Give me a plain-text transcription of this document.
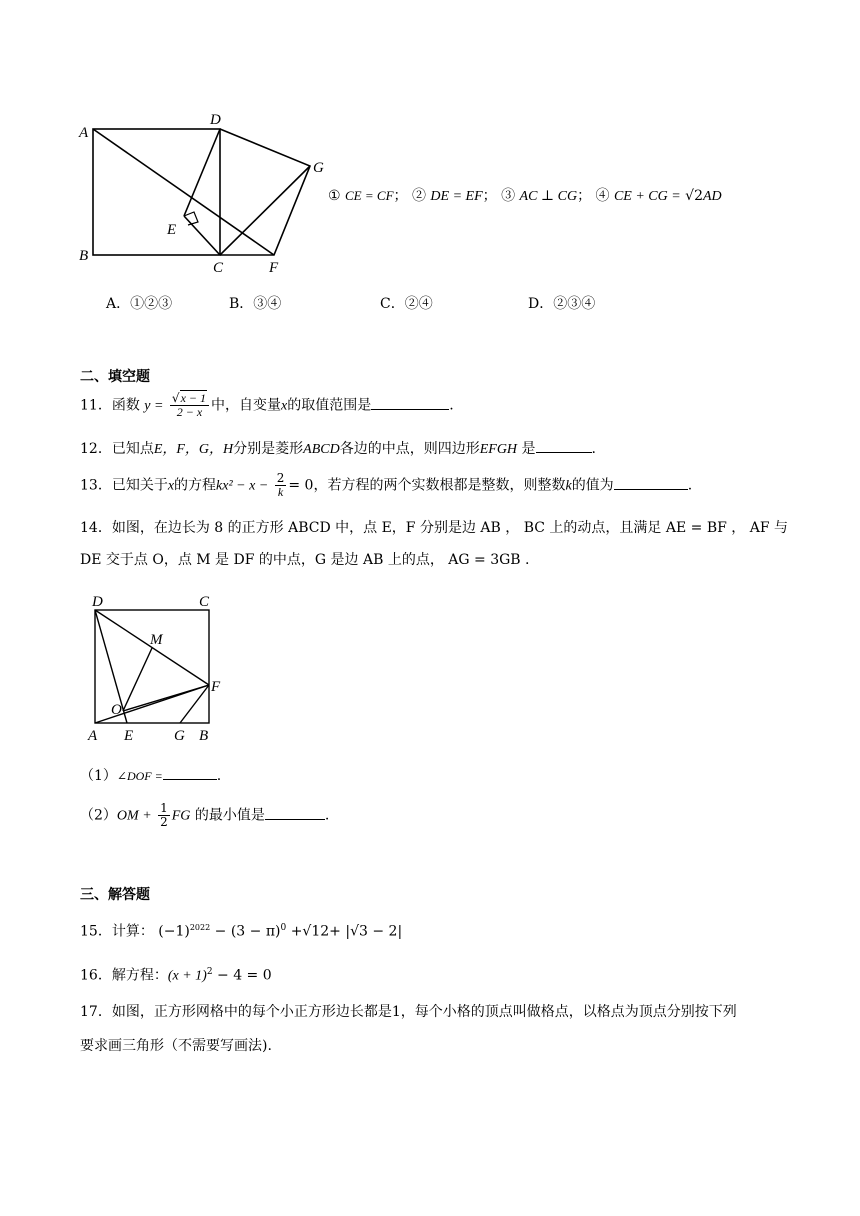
A
D
G
E
B
C	F
① CE = CF； ② DE = EF； ③ AC ⊥ CG； ④ CE + CG = √2AD
A．①②③	B．③④	C．②④	D．②③④
二、填空题
11．函数 $y = \frac{√x - 1}{2 - x}$ 中，自变量x的取值范围是	.
12．已知点E，F，G，H分别是菱形ABCD各边的中点，则四边形EFGH 是	.
13．已知关于x的方程$kx^2 - x - \frac{2}{k} = 0$，若方程的两个实数根都是整数，则整数k的值为	.
14．如图，在边长为 8 的正方形 ABCD 中，点 E，F 分别是边 AB ， BC 上的动点，且满足 AE = BF ， AF 与
DE 交于点 O，点 M 是 DF 的中点，G 是边 AB 上的点， AG = 3GB .
D	C
M
F
O
A E	G B
（1）∠DOF =	.
$(2)OM + \frac{1}{2}$ FG 的最小值是	.
三、解答题
15．计算： $(-1)^{2022} - (3 - \pi)^0 +√12+ |√3 - 2|$
16．解方程：$(x + 1)^2 - 4 = 0$
17．如图，正方形网格中的每个小正方形边长都是1，每个小格的顶点叫做格点，以格点为顶点分别按下列
要求画三角形（不需要写画法).
